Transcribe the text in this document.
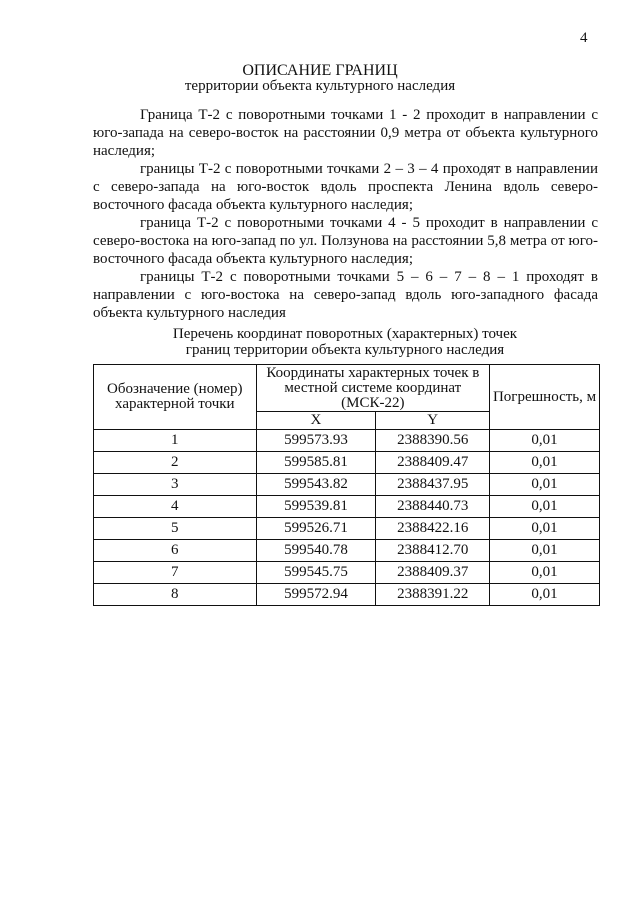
4
ОПИСАНИЕ ГРАНИЦ
территории объекта культурного наследия

Граница Т-2 с поворотными точками 1 - 2 проходит в направлении с юго-запада на северо-восток на расстоянии 0,9 метра от объекта культурного наследия;

границы Т-2 с поворотными точками 2 – 3 – 4 проходят в направлении с северо-запада на юго-восток вдоль проспекта Ленина вдоль северо-восточного фасада объекта культурного наследия;

граница Т-2 с поворотными точками 4 - 5 проходит в направлении с северо-востока на юго-запад по ул. Ползунова на расстоянии 5,8 метра от юго-восточного фасада объекта культурного наследия;

границы Т-2 с поворотными точками 5 – 6 – 7 – 8 – 1 проходят в направлении с юго-востока на северо-запад вдоль юго-западного фасада объекта культурного наследия

Перечень координат поворотных (характерных) точек
границ территории объекта культурного наследия
Обозначение (номер) характерной точки	Координаты характерных точек в местной системе координат (МСК-22)		Погрешность, м
	X	Y	
1	599573.93	2388390.56	0,01
2	599585.81	2388409.47	0,01
3	599543.82	2388437.95	0,01
4	599539.81	2388440.73	0,01
5	599526.71	2388422.16	0,01
6	599540.78	2388412.70	0,01
7	599545.75	2388409.37	0,01
8	599572.94	2388391.22	0,01
